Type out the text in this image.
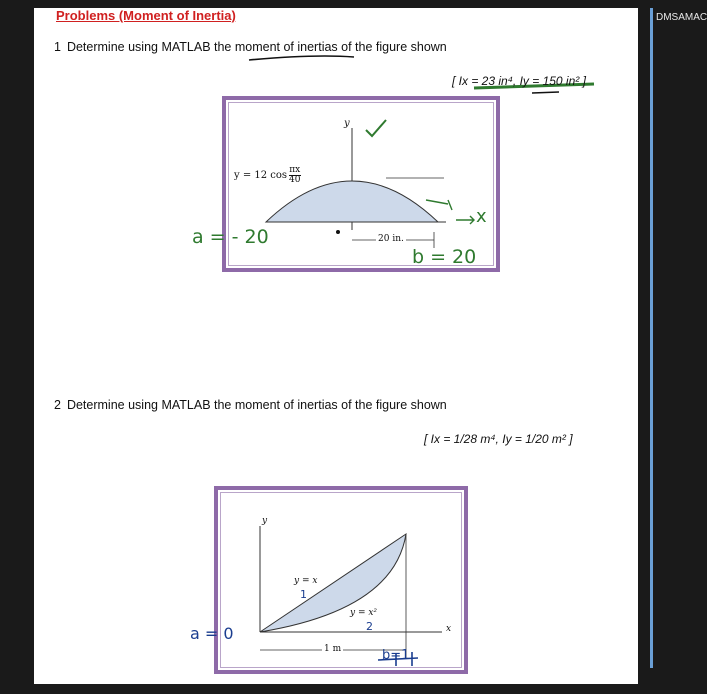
DMSAMAC
Problems (Moment of Inertia)
1 Determine using MATLAB the moment of inertias of the figure shown
[ Ix = 23 in⁴, Iy = 150 in² ]
y = 12 cos πx
40
y
20 in.
x
a = - 20
b = 20
2 Determine using MATLAB the moment of inertias of the figure shown
[ Ix = 1/28 m⁴, Iy = 1/20 m² ]
y
x
y = x
y = x²
1
2
1 m
a = 0
b=1
